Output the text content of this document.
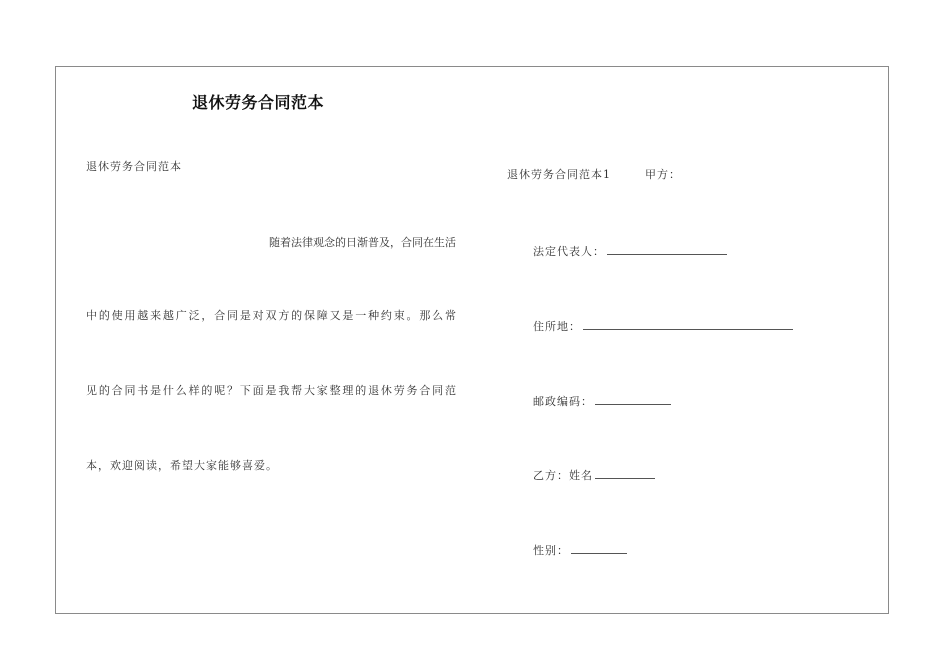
退休劳务合同范本
退休劳务合同范本
随着法律观念的日渐普及，合同在生活
中的使用越来越广泛，合同是对双方的保障又是一种约束。那么常
见的合同书是什么样的呢？下面是我帮大家整理的退休劳务合同范
本，欢迎阅读，希望大家能够喜爱。
退休劳务合同范本1	甲方：
法定代表人：
住所地：
邮政编码：
乙方：姓名
性别：
